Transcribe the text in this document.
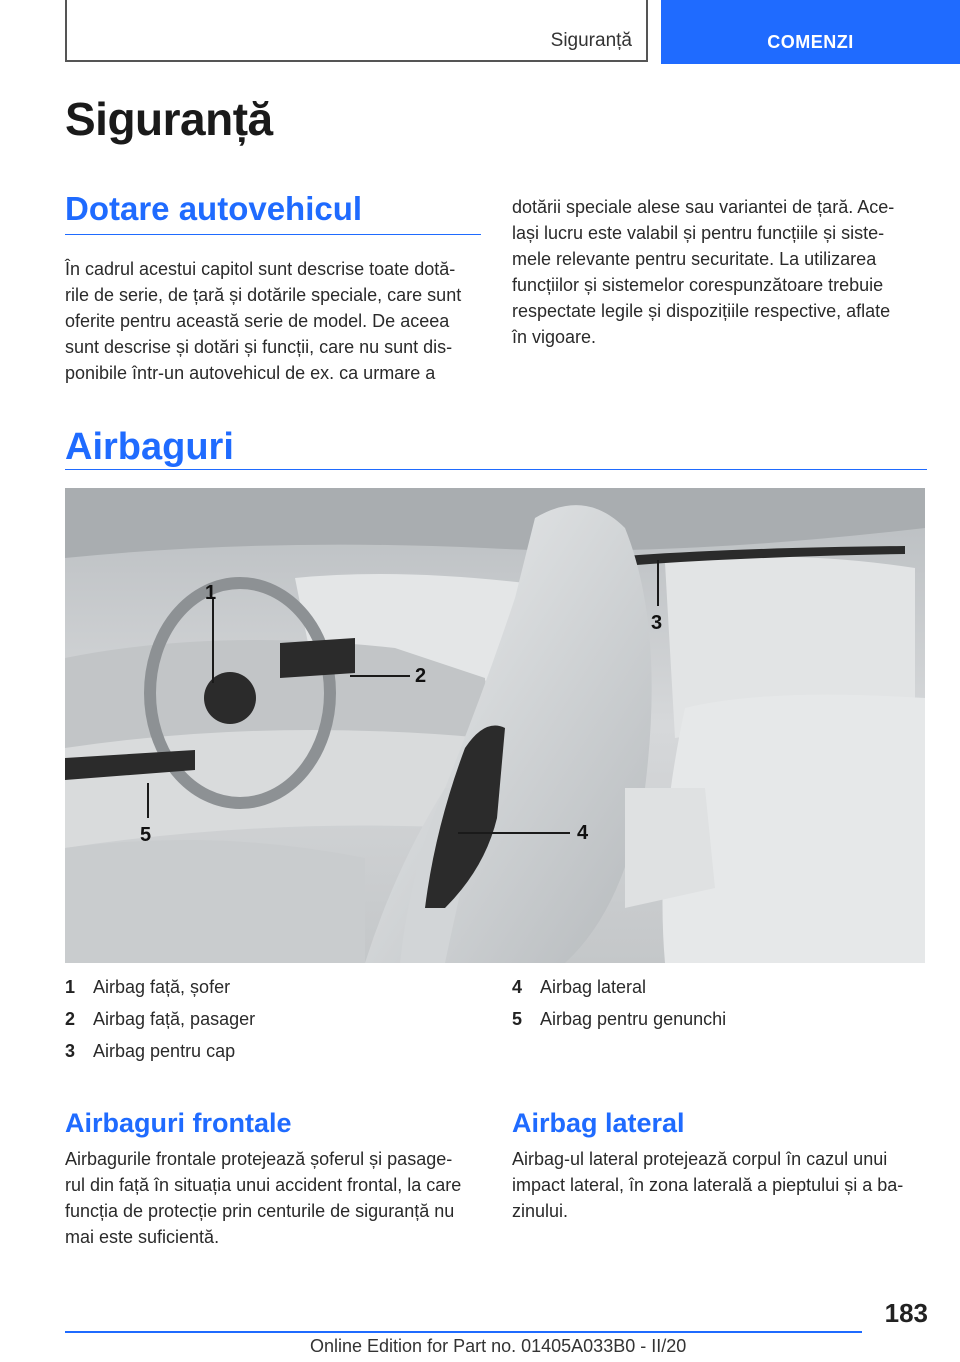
Siguranță	COMENZI
Siguranță
Dotare autovehicul
În cadrul acestui capitol sunt descrise toate dotă-
rile de serie, de țară și dotările speciale, care sunt
oferite pentru această serie de model. De aceea
sunt descrise și dotări și funcții, care nu sunt dis-
ponibile într-un autovehicul de ex. ca urmare a
dotării speciale alese sau variantei de țară. Ace-
lași lucru este valabil și pentru funcțiile și siste-
mele relevante pentru securitate. La utilizarea
funcțiilor și sistemelor corespunzătoare trebuie
respectate legile și dispozițiile respective, aflate
în vigoare.
Airbaguri
1
2
3
4
5
1 Airbag față, șofer
2 Airbag față, pasager
3 Airbag pentru cap
4 Airbag lateral
5 Airbag pentru genunchi
Airbaguri frontale
Airbagurile frontale protejează șoferul și pasage-
rul din față în situația unui accident frontal, la care
funcția de protecție prin centurile de siguranță nu
mai este suficientă.
Airbag lateral
Airbag-ul lateral protejează corpul în cazul unui
impact lateral, în zona laterală a pieptului și a ba-
zinului.
183
Online Edition for Part no. 01405A033B0 - II/20
